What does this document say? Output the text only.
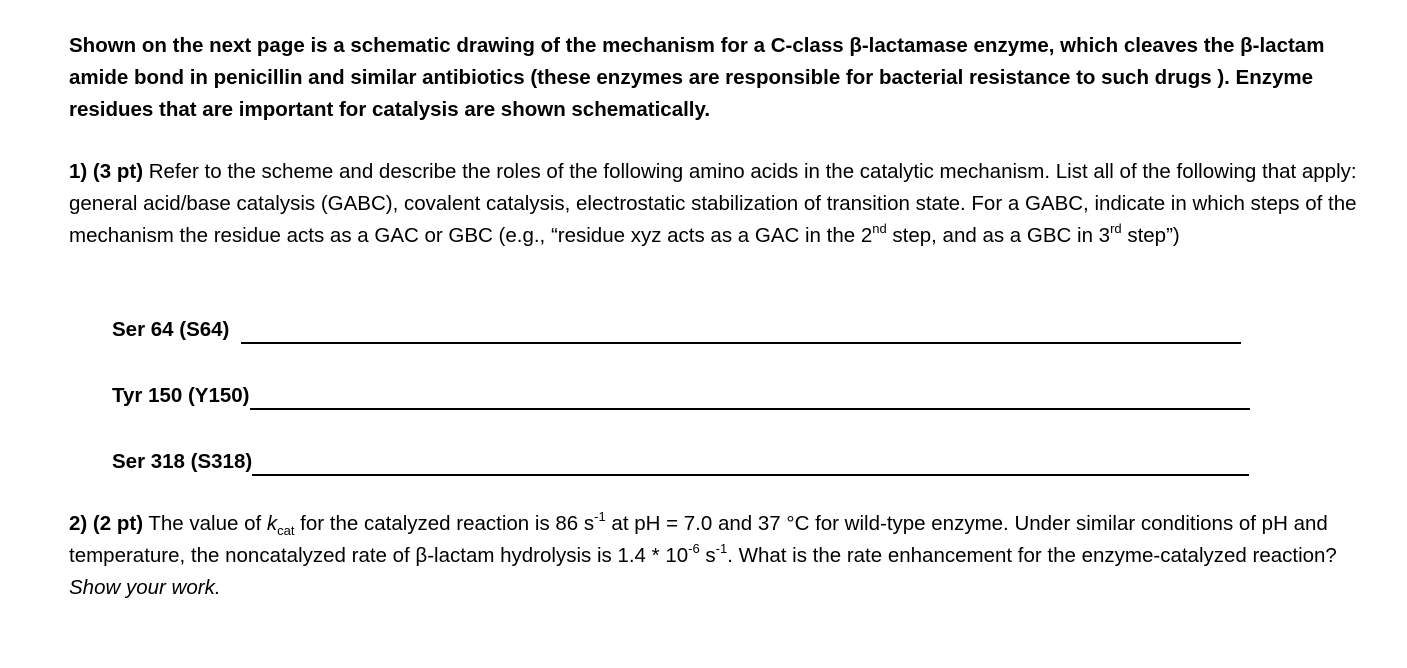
Shown on the next page is a schematic drawing of the mechanism for a C-class β-lactamase enzyme, which cleaves the β-lactam amide bond in penicillin and similar antibiotics (these enzymes are responsible for bacterial resistance to such drugs ). Enzyme residues that are important for catalysis are shown schematically.

1) (3 pt) Refer to the scheme and describe the roles of the following amino acids in the catalytic mechanism. List all of the following that apply: general acid/base catalysis (GABC), covalent catalysis, electrostatic stabilization of transition state. For a GABC, indicate in which steps of the mechanism the residue acts as a GAC or GBC (e.g., “residue xyz acts as a GAC in the 2nd step, and as a GBC in 3rd step”)

Ser 64 (S64)
Tyr 150 (Y150)
Ser 318 (S318)

2) (2 pt) The value of $k_{cat}$ for the catalyzed reaction is 86 $s^{-1}$ at pH = 7.0 and 37 °C for wild-type enzyme. Under similar conditions of pH and temperature, the noncatalyzed rate of β-lactam hydrolysis is $1.4 * 10^{-6}$ $s^{-1}$. What is the rate enhancement for the enzyme-catalyzed reaction? Show your work.
